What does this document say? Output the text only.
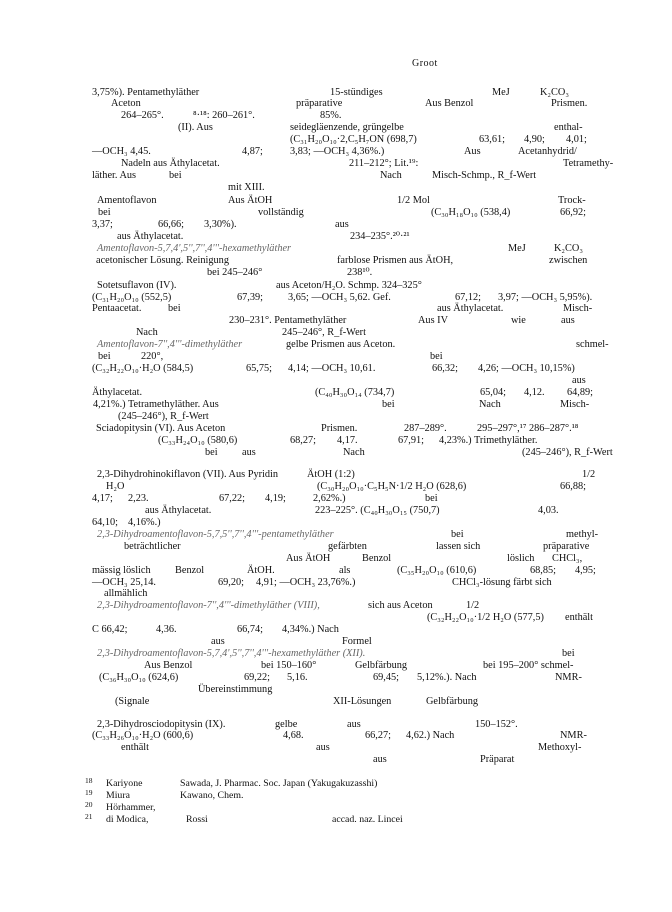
Groot
3,75%). Pentamethyläther	15-stündiges	MeJ	K₂CO₃
Aceton	präparative	Aus Benzol	Prismen.
264–265°.	⁸·¹⁸: 260–261°.	85%.
(II). Aus	seidegläenzende, grüngelbe	enthal-
(C₃₁H₂₀O₁₀·2,C₅H₇ON (698,7)	63,61; 4,90; 4,01;
—OCH₃ 4,45.	4,87;	3,83; —OCH₃ 4,36%.)	Aus	Acetanhydrid/
Nadeln aus Äthylacetat.	211–212°; Lit.¹⁹:	Tetramethy-
läther. Aus	bei	Nach	Misch-Schmp., R_f-Wert
mit XIII.
Amentoflavon	Aus ÄtOH	1/2 Mol	Trock-
bei	vollständig	(C₃₀H₁₈O₁₀ (538,4)	66,92;
3,37;	66,66; 3,30%).	aus
aus Äthylacetat.	234–235°.²⁰·²¹
Amentoflavon-5,7,4',5'',7'',4'''-hexamethyläther	MeJ	K₂CO₃
acetonischer Lösung. Reinigung	farblose Prismen aus ÄtOH,	zwischen
bei 245–246°	238¹⁰.
Sotetsuflavon (IV).	aus Aceton/H₂O. Schmp. 324–325°
(C₃₁H₂₀O₁₀ (552,5)	67,39; 3,65; —OCH₃ 5,62. Gef.	67,12; 3,97; —OCH₃ 5,95%).
Pentaacetat.	bei	aus Äthylacetat.	Misch-
230–231°. Pentamethyläther	Aus IV	wie	aus
Nach	245–246°, R_f-Wert
Amentoflavon-7'',4'''-dimethyläther	gelbe Prismen aus Aceton.	schmel-
bei	220°,	bei
(C₃₂H₂₂O₁₀·H₂O (584,5)	65,75; 4,14; —OCH₃ 10,61.	66,32; 4,26; —OCH₃ 10,15%)
aus
Äthylacetat.	(C₄₀H₃₀O₁₄ (734,7)	65,04; 4,12. 64,89;
4,21%.) Tetramethyläther. Aus	bei	Nach	Misch-
(245–246°), R_f-Wert
Sciadopitysin (VI). Aus Aceton	Prismen.	287–289°.	295–297°,¹⁷ 286–287°.¹⁸
(C₃₃H₂₄O₁₀ (580,6)	68,27; 4,17.	67,91; 4,23%.) Trimethyläther.
bei aus	Nach	(245–246°), R_f-Wert
2,3-Dihydrohinokiflavon (VII). Aus Pyridin	ÄtOH (1:2)	1/2
H₂O	(C₃₀H₂₀O₁₀·C₅H₅N·1/2 H₂O (628,6)	66,88;
4,17; 2,23.	67,22; 4,19;	2,62%.)	bei
aus Äthylacetat.	223–225°. (C₄₀H₃₀O₁₅ (750,7)	4,03.
64,10; 4,16%.)
2,3-Dihydroamentoflavon-5,7,5'',7'',4'''-pentamethyläther	bei	methyl-
beträchtlicher	gefärbten	lassen sich	präparative
Aus ÄtOH	Benzol	löslich CHCl₃,
mässig löslich Benzol	ÄtOH.	als	(C₃₅H₂₀O₁₀ (610,6)	68,85; 4,95;
—OCH₃ 25,14.	69,20; 4,91; —OCH₃ 23,76%.)	CHCl₃-lösung färbt sich
allmählich
2,3-Dihydroamentoflavon-7'',4'''-dimethyläther (VIII),	sich aus Aceton	1/2
(C₃₂H₂₂O₁₀·1/2 H₂O (577,5) enthält
C 66,42;	4,36.	66,74; 4,34%.) Nach
aus	Formel
2,3-Dihydroamentoflavon-5,7,4',5'',7'',4'''-hexamethyläther (XII).	bei
Aus Benzol	bei 150–160°	Gelbfärbung	bei 195–200° schmel-
(C₃₆H₃₀O₁₀ (624,6)	69,22; 5,16.	69,45; 5,12%.). Nach	NMR-
Übereinstimmung
(Signale	XII-Lösungen	Gelbfärbung
2,3-Dihydrosciodopitysin (IX).	gelbe	aus	150–152°.
(C₃₃H₂₆O₁₀·H₂O (600,6)	4,68.	66,27; 4,62.) Nach	NMR-
enthält	aus	Methoxyl-
aus	Präparat
18 Kariyone	Sawada, J. Pharmac. Soc. Japan (Yakugakuzasshi)
19 Miura	Kawano, Chem.
20 Hörhammer,
21 di Modica,	Rossi	accad. naz. Lincei
